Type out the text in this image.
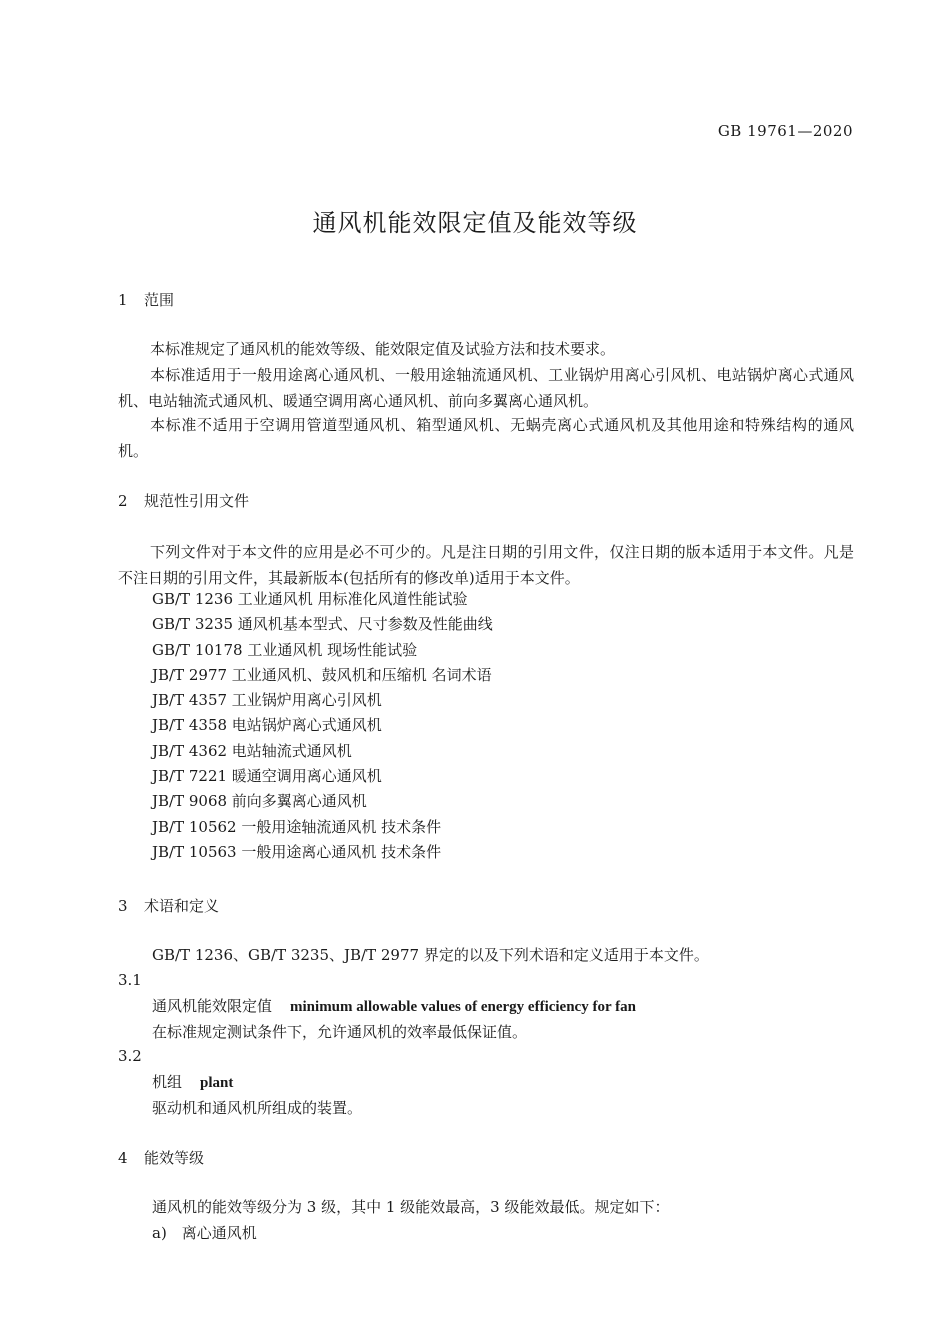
GB 19761—2020
通风机能效限定值及能效等级
1 范围
本标准规定了通风机的能效等级、能效限定值及试验方法和技术要求。
本标准适用于一般用途离心通风机、一般用途轴流通风机、工业锅炉用离心引风机、电站锅炉离心式通风机、电站轴流式通风机、暖通空调用离心通风机、前向多翼离心通风机。
本标准不适用于空调用管道型通风机、箱型通风机、无蜗壳离心式通风机及其他用途和特殊结构的通风机。
2 规范性引用文件
下列文件对于本文件的应用是必不可少的。凡是注日期的引用文件，仅注日期的版本适用于本文件。凡是不注日期的引用文件，其最新版本(包括所有的修改单)适用于本文件。
GB/T 1236 工业通风机 用标准化风道性能试验
GB/T 3235 通风机基本型式、尺寸参数及性能曲线
GB/T 10178 工业通风机 现场性能试验
JB/T 2977 工业通风机、鼓风机和压缩机 名词术语
JB/T 4357 工业锅炉用离心引风机
JB/T 4358 电站锅炉离心式通风机
JB/T 4362 电站轴流式通风机
JB/T 7221 暖通空调用离心通风机
JB/T 9068 前向多翼离心通风机
JB/T 10562 一般用途轴流通风机 技术条件
JB/T 10563 一般用途离心通风机 技术条件
3 术语和定义
GB/T 1236、GB/T 3235、JB/T 2977 界定的以及下列术语和定义适用于本文件。
3.1
通风机能效限定值 minimum allowable values of energy efficiency for fan
在标准规定测试条件下，允许通风机的效率最低保证值。
3.2
机组 plant
驱动机和通风机所组成的装置。
4 能效等级
通风机的能效等级分为 3 级，其中 1 级能效最高，3 级能效最低。规定如下：
a)　离心通风机
